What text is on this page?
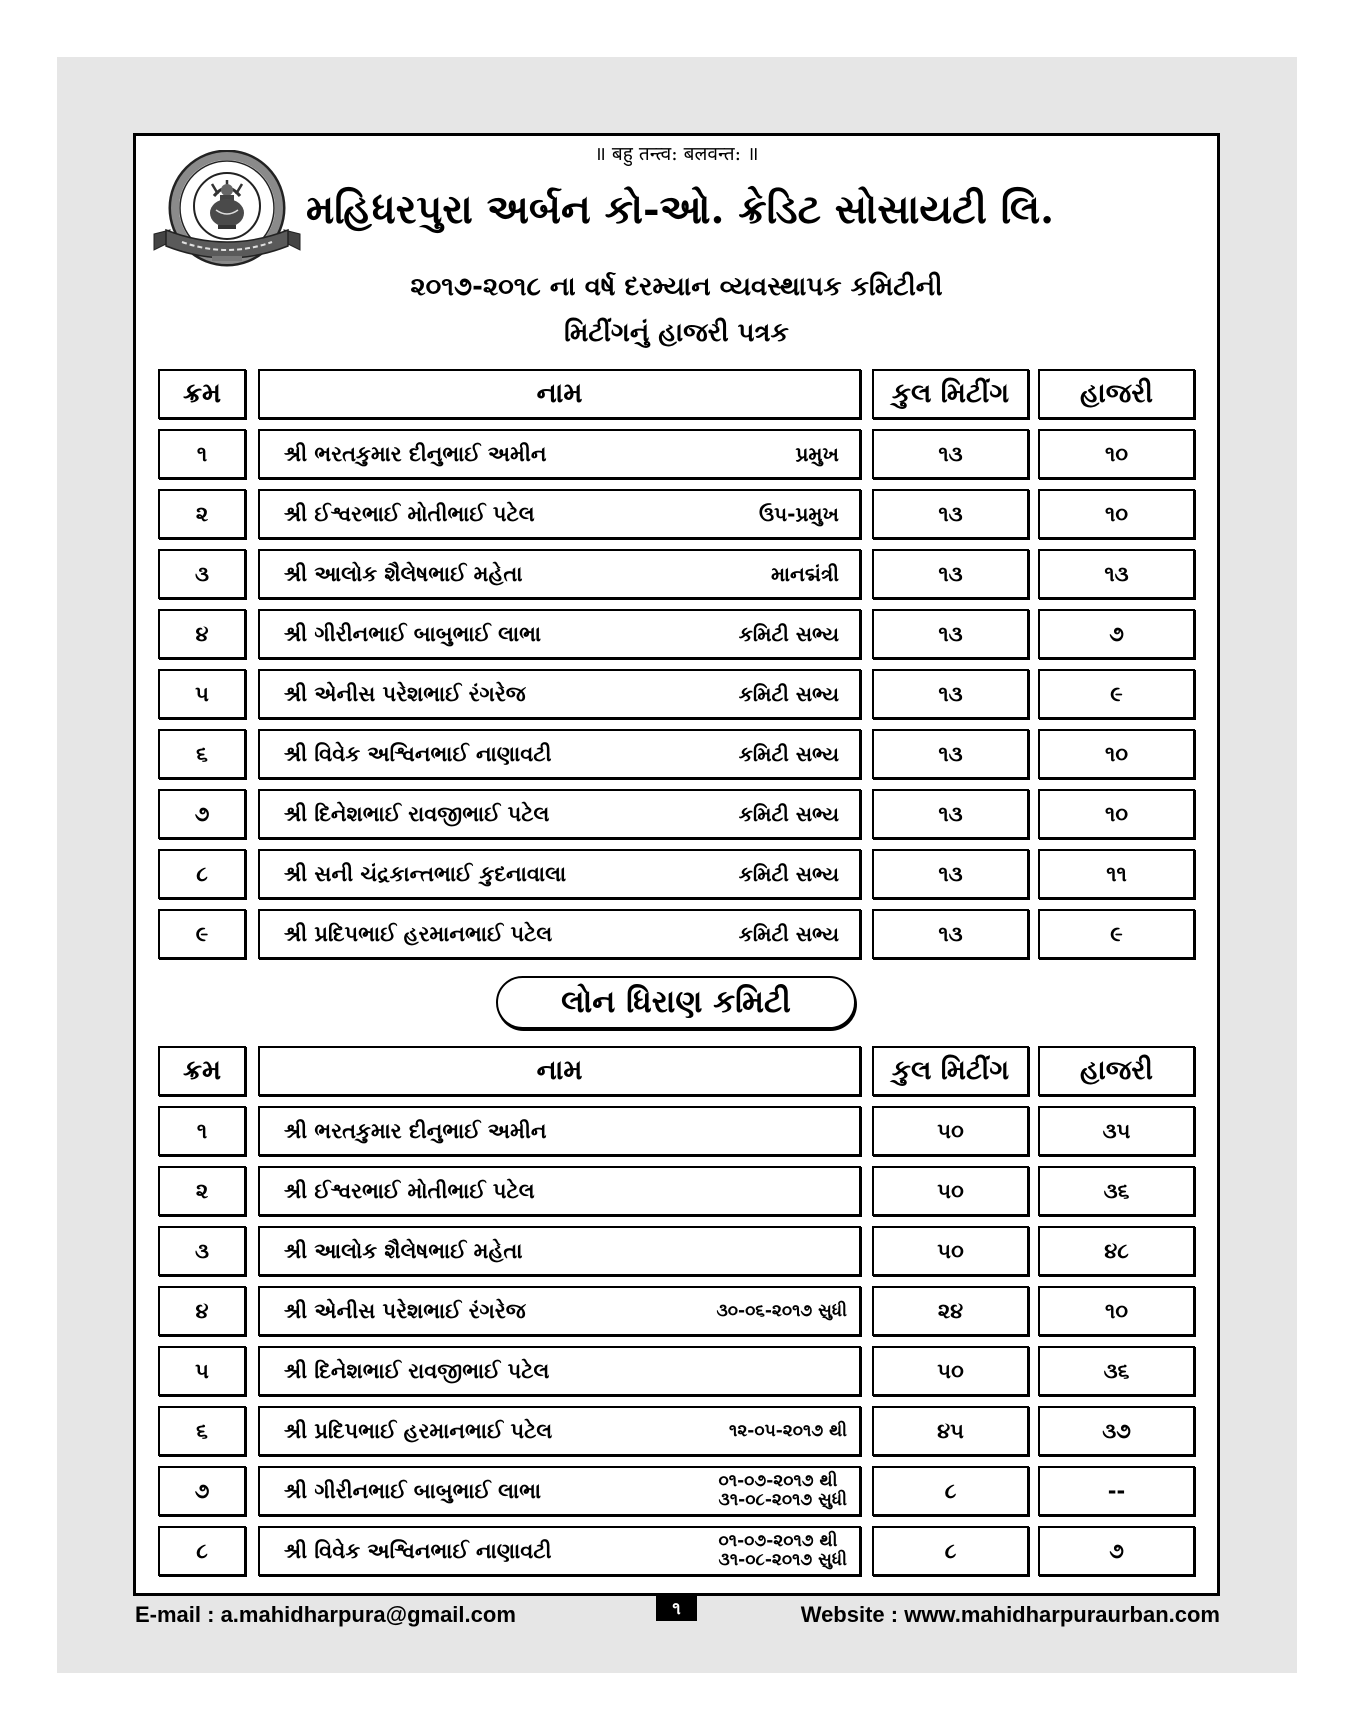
॥ बहु तन्त्व: बलवन्त: ॥
મહિધરપુરા અર્બન કો-ઓ. ક્રેડિટ સોસાયટી લિ.
૨૦૧૭-૨૦૧૮ ના વર્ષ દરમ્યાન વ્યવસ્થાપક કમિટીની
મિટીંગનું હાજરી પત્રક
ક્રમ	નામ	કુલ મિટીંગ	હાજરી
૧	શ્રી ભરતકુમાર દીનુભાઈ અમીન	પ્રમુખ	૧૩	૧૦
૨	શ્રી ઈશ્વરભાઈ મોતીભાઈ પટેલ	ઉપ-પ્રમુખ	૧૩	૧૦
૩	શ્રી આલોક શૈલેષભાઈ મહેતા	માનદ્મંત્રી	૧૩	૧૩
૪	શ્રી ગીરીનભાઈ બાબુભાઈ લાભા	કમિટી સભ્ય	૧૩	૭
૫	શ્રી એનીસ પરેશભાઈ રંગરેજ	કમિટી સભ્ય	૧૩	૯
૬	શ્રી વિવેક અશ્વિનભાઈ નાણાવટી	કમિટી સભ્ય	૧૩	૧૦
૭	શ્રી દિનેશભાઈ રાવજીભાઈ પટેલ	કમિટી સભ્ય	૧૩	૧૦
૮	શ્રી સની ચંદ્રકાન્તભાઈ કુદનાવાલા	કમિટી સભ્ય	૧૩	૧૧
૯	શ્રી પ્રદિપભાઈ હરમાનભાઈ પટેલ	કમિટી સભ્ય	૧૩	૯
લોન ધિરાણ કમિટી
ક્રમ	નામ	કુલ મિટીંગ	હાજરી
૧	શ્રી ભરતકુમાર દીનુભાઈ અમીન	૫૦	૩૫
૨	શ્રી ઈશ્વરભાઈ મોતીભાઈ પટેલ	૫૦	૩૬
૩	શ્રી આલોક શૈલેષભાઈ મહેતા	૫૦	૪૮
૪	શ્રી એનીસ પરેશભાઈ રંગરેજ	૩૦-૦૬-૨૦૧૭ સુધી	૨૪	૧૦
૫	શ્રી દિનેશભાઈ રાવજીભાઈ પટેલ	૫૦	૩૬
૬	શ્રી પ્રદિપભાઈ હરમાનભાઈ પટેલ	૧૨-૦૫-૨૦૧૭ થી	૪૫	૩૭
૭	શ્રી ગીરીનભાઈ બાબુભાઈ લાભા	૦૧-૦૭-૨૦૧૭ થી
૩૧-૦૮-૨૦૧૭ સુધી	૮	--
૮	શ્રી વિવેક અશ્વિનભાઈ નાણાવટી	૦૧-૦૭-૨૦૧૭ થી
૩૧-૦૮-૨૦૧૭ સુધી	૮	૭
E-mail : a.mahidharpura@gmail.com	૧	Website : www.mahidharpuraurban.com
